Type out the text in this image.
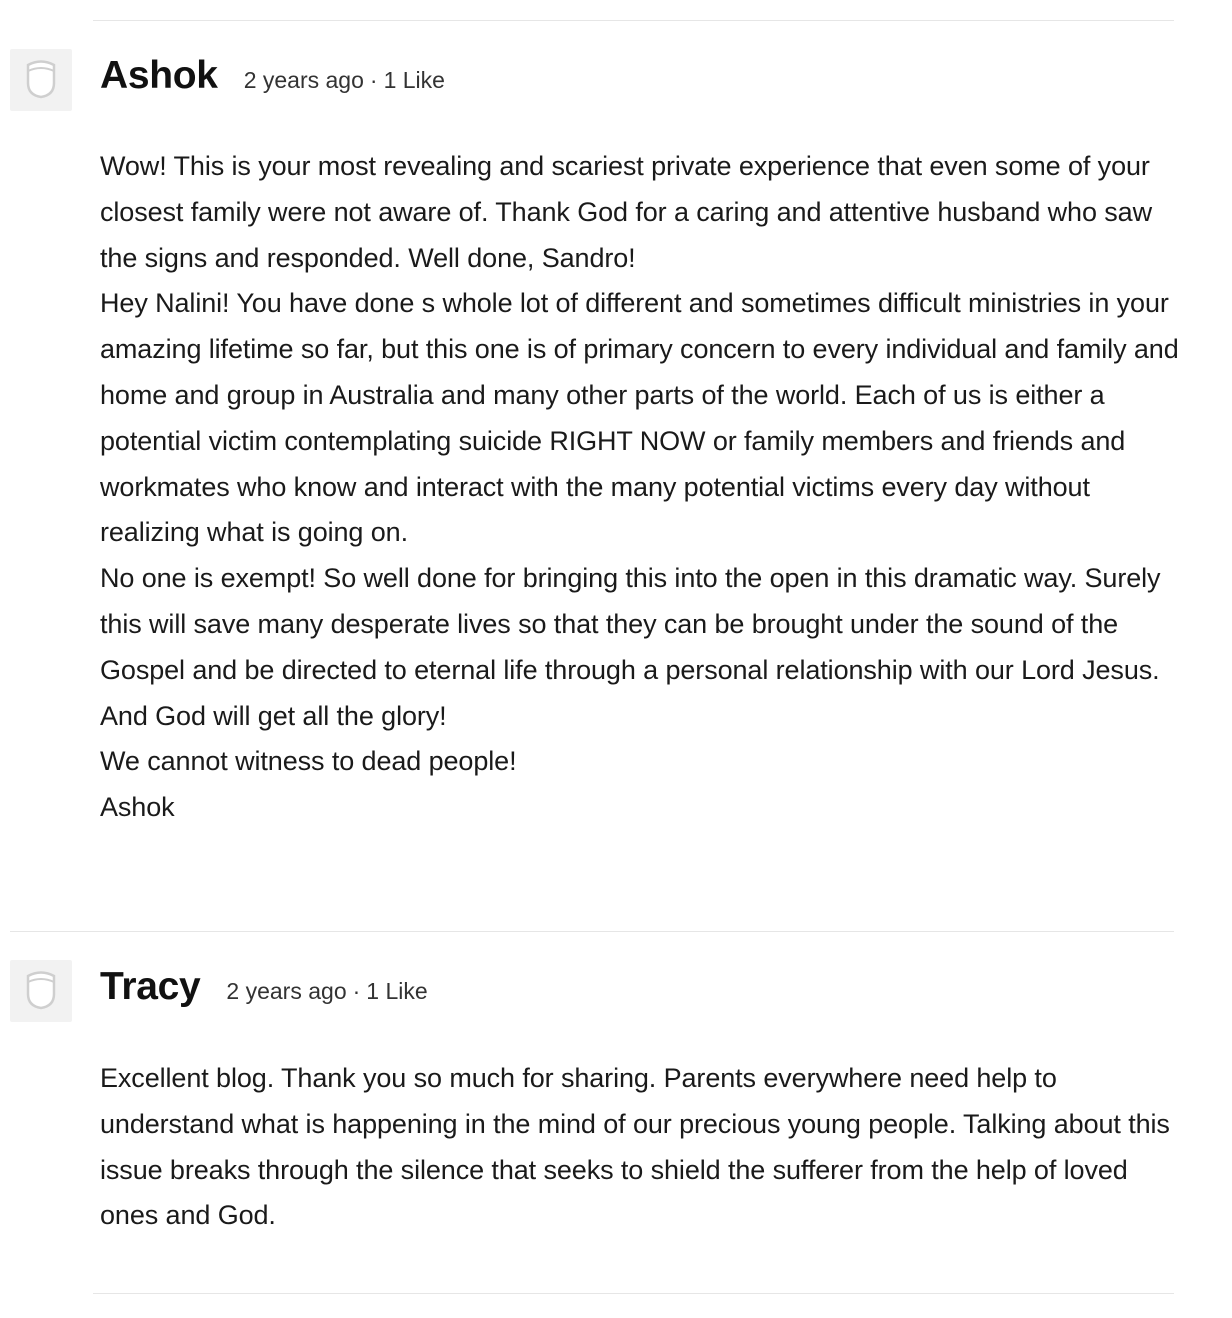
Ashok 2 years ago · 1 Like

Wow! This is your most revealing and scariest private experience that even some of your closest family were not aware of. Thank God for a caring and attentive husband who saw the signs and responded. Well done, Sandro!

Hey Nalini! You have done s whole lot of different and sometimes difficult ministries in your amazing lifetime so far, but this one is of primary concern to every individual and family and home and group in Australia and many other parts of the world. Each of us is either a potential victim contemplating suicide RIGHT NOW or family members and friends and workmates who know and interact with the many potential victims every day without realizing what is going on.

No one is exempt! So well done for bringing this into the open in this dramatic way. Surely this will save many desperate lives so that they can be brought under the sound of the Gospel and be directed to eternal life through a personal relationship with our Lord Jesus. And God will get all the glory!

We cannot witness to dead people!

Ashok

Tracy 2 years ago · 1 Like

Excellent blog. Thank you so much for sharing. Parents everywhere need help to understand what is happening in the mind of our precious young people. Talking about this issue breaks through the silence that seeks to shield the sufferer from the help of loved ones and God.
